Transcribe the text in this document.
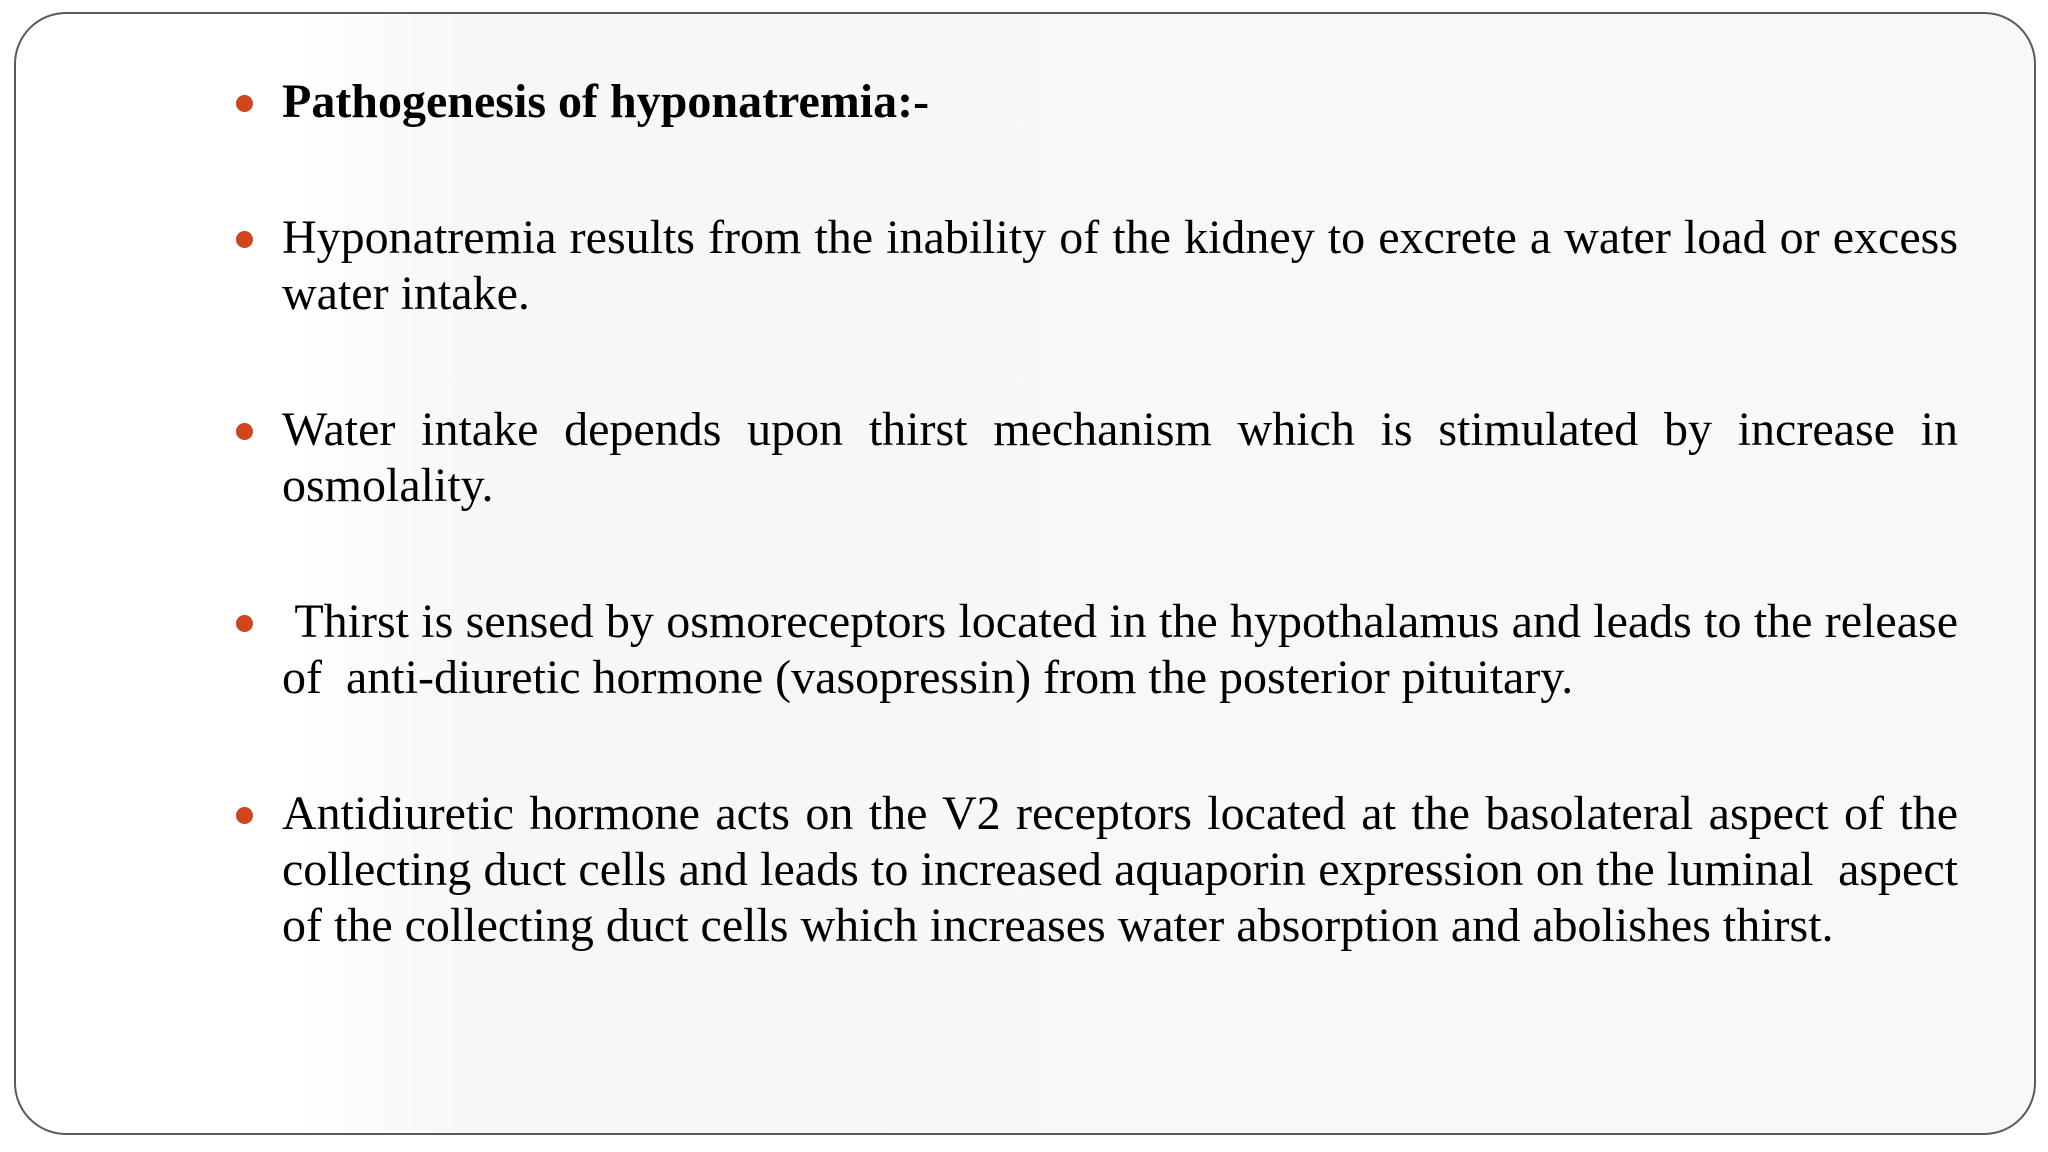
Pathogenesis of hyponatremia:-
Hyponatremia results from the inability of the kidney to excrete a water load or excess water intake.
Water intake depends upon thirst mechanism which is stimulated by increase in osmolality.
Thirst is sensed by osmoreceptors located in the hypothalamus and leads to the release   of  anti-diuretic hormone (vasopressin) from the posterior pituitary.
Antidiuretic hormone acts on the V2 receptors located at the basolateral aspect of the collecting duct cells and leads to increased aquaporin expression on the luminal  aspect of the collecting duct cells which increases water absorption and abolishes thirst.
